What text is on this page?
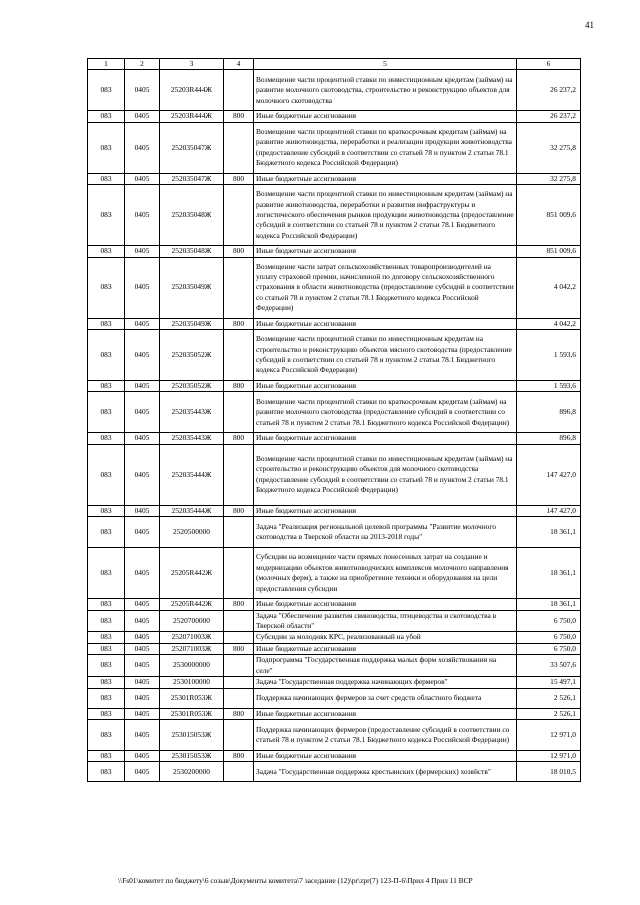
41
1	2	3	4	5	6
083	0405	25203R444Ж		Возмещение части процентной ставки по инвестиционным кредитам (займам) на развитие молочного скотоводства, строительство и реконструкцию объектов для молочного скотоводства	26 237,2
083	0405	25203R444Ж	800	Иные бюджетные ассигнования	26 237,2
083	0405	252035047Ж		Возмещение части процентной ставки по краткосрочным кредитам (займам) на развитие животноводства, переработки и реализации продукции животноводства (предоставление субсидий в соответствии со статьей 78 и пунктом 2 статьи 78.1 Бюджетного кодекса Российской Федерации)	32 275,8
083	0405	252035047Ж	800	Иные бюджетные ассигнования	32 275,8
083	0405	252035048Ж		Возмещение части процентной ставки по инвестиционным кредитам (займам) на развитие животноводства, переработки и развития инфраструктуры и логистического обеспечения рынков продукции животноводства (предоставление субсидий в соответствии со статьей 78 и пунктом 2 статьи 78.1 Бюджетного кодекса Российской Федерации)	851 009,6
083	0405	252035048Ж	800	Иные бюджетные ассигнования	851 009,6
083	0405	252035049Ж		Возмещение части затрат сельскохозяйственных товаропроизводителей на уплату страховой премии, начисленной по договору сельскохозяйственного страхования в области животноводства (предоставление субсидий в соответствии со статьей 78 и пунктом 2 статьи 78.1 Бюджетного кодекса Российской Федерации)	4 042,2
083	0405	252035049Ж	800	Иные бюджетные ассигнования	4 042,2
083	0405	252035052Ж		Возмещение части процентной ставки по инвестиционным кредитам на строительство и реконструкцию объектов мясного скотоводства (предоставление субсидий в соответствии со статьей 78 и пунктом 2 статьи 78.1 Бюджетного кодекса Российской Федерации)	1 593,6
083	0405	252035052Ж	800	Иные бюджетные ассигнования	1 593,6
083	0405	252035443Ж		Возмещение части процентной ставки по краткосрочным кредитам (займам) на развитие молочного скотоводства (предоставление субсидий в соответствии со статьей 78 и пунктом 2 статьи 78.1 Бюджетного кодекса Российской Федерации)	896,8
083	0405	252035443Ж	800	Иные бюджетные ассигнования	896,8
083	0405	252035444Ж		Возмещение части процентной ставки по инвестиционным кредитам (займам) на строительство и реконструкцию объектов для молочного скотоводства (предоставление субсидий в соответствии со статьей 78 и пунктом 2 статьи 78.1 Бюджетного кодекса Российской Федерации)	147 427,0
083	0405	252035444Ж	800	Иные бюджетные ассигнования	147 427,0
083	0405	2520500000		Задача "Реализация региональной целевой программы "Развитие молочного скотоводства в Тверской области на 2013-2018 годы"	18 361,1
083	0405	25205R442Ж		Субсидии на возмещение части прямых понесенных затрат на создание и модернизацию объектов животноводческих комплексов молочного направления (молочных ферм), а также на приобретение техники и оборудования на цели предоставления субсидии	18 361,1
083	0405	25205R442Ж	800	Иные бюджетные ассигнования	18 361,1
083	0405	2520700000		Задача "Обеспечение развития свиноводства, птицеводства и скотоводства в Тверской области"	6 750,0
083	0405	252071003Ж		Субсидии за молодняк КРС, реализованный на убой	6 750,0
083	0405	252071003Ж	800	Иные бюджетные ассигнования	6 750,0
083	0405	2530000000		Подпрограмма "Государственная поддержка малых форм хозяйствования на селе"	33 507,6
083	0405	2530100000		Задача "Государственная поддержка начинающих фермеров"	15 497,1
083	0405	25301R053Ж		Поддержка начинающих фермеров за счет средств областного бюджета	2 526,1
083	0405	25301R053Ж	800	Иные бюджетные ассигнования	2 526,1
083	0405	253015053Ж		Поддержка начинающих фермеров (предоставление субсидий в соответствии со статьей 78 и пунктом 2 статьи 78.1 Бюджетного кодекса Российской Федерации)	12 971,0
083	0405	253015053Ж	800	Иные бюджетные ассигнования	12 971,0
083	0405	2530200000		Задача "Государственная поддержка крестьянских (фермерских) хозяйств"	18 010,5
\\Fs01\комитет по бюджету\6 созыв\Документы комитета\7 заседание (12)\pr\zpr(7) 123-П-6\Прил 4 Прил 11 ВСР
